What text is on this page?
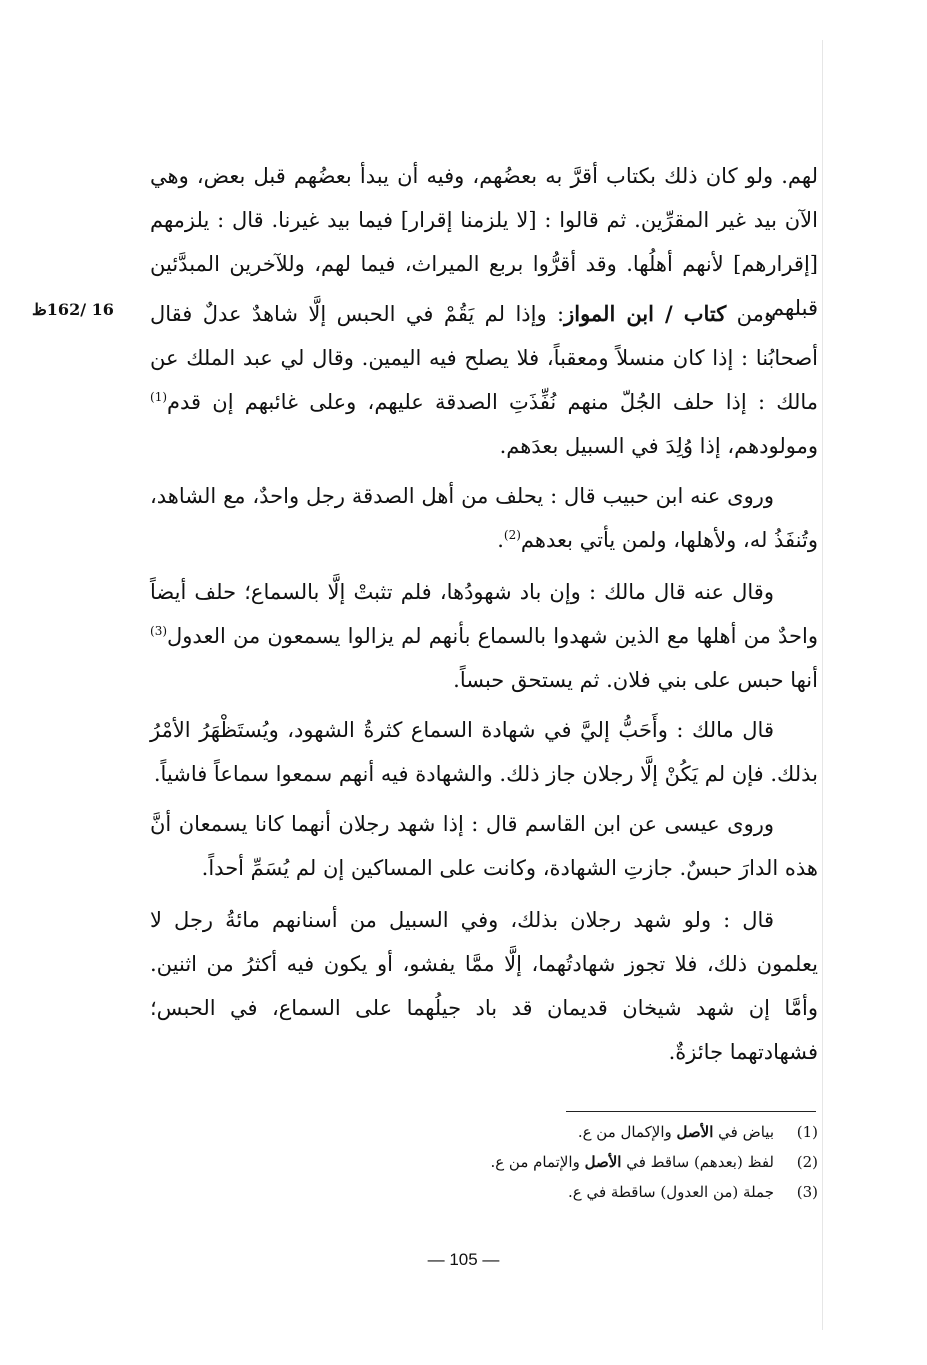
لهم. ولو كان ذلك بكتاب أقرَّ به بعضُهم، وفيه أن يبدأ بعضُهم قبل بعض، وهي الآن بيد غير المقرِّين. ثم قالوا : [لا يلزمنا إقرار] فيما بيد غيرنا. قال : يلزمهم [إقرارهم] لأنهم أهلُها. وقد أقرُّوا بربع الميراث، فيما لهم، وللآخرين المبدَّئين قبلهم.

16 /162ظ	ومن كتاب / ابن المواز: وإذا لم يَقُمْ في الحبس إلَّا شاهدٌ عدلٌ فقال أصحابُنا : إذا كان منسلاً ومعقباً، فلا يصلح فيه اليمين. وقال لي عبد الملك عن مالك : إذا حلف الجُلّ منهم نُفِّذَتِ الصدقة عليهم، وعلى غائبهم إن قدم$^{(1)}$ ومولودهم، إذا وُلِدَ في السبيل بعدَهم.

وروى عنه ابن حبيب قال : يحلف من أهل الصدقة رجل واحدٌ، مع الشاهد، وتُنفَذُ له، ولأهلها، ولمن يأتي بعدهم$^{(2)}$.

وقال عنه قال مالك : وإن باد شهودُها، فلم تثبتْ إلَّا بالسماع؛ حلف أيضاً واحدٌ من أهلها مع الذين شهدوا بالسماع بأنهم لم يزالوا يسمعون من العدول$^{(3)}$ أنها حبس على بني فلان. ثم يستحق حبساً.

قال مالك : وأَحَبُّ إليَّ في شهادة السماع كثرةُ الشهود، ويُستَظْهَرُ الأمْرُ بذلك. فإن لم يَكُنْ إلَّا رجلان جاز ذلك. والشهادة فيه أنهم سمعوا سماعاً فاشياً.

وروى عيسى عن ابن القاسم قال : إذا شهد رجلان أنهما كانا يسمعان أنَّ هذه الدارَ حبسٌ. جازتِ الشهادة، وكانت على المساكين إن لم يُسَمِّ أحداً.

قال : ولو شهد رجلان بذلك، وفي السبيل من أسنانهم مائةُ رجل لا يعلمون ذلك، فلا تجوز شهادتُهما، إلَّا ممَّا يفشو، أو يكون فيه أكثرُ من اثنين. وأمَّا إن شهد شيخان قديمان قد باد جيلُهما على السماع، في الحبس؛ فشهادتهما جائزةٌ.

(1)بياض في الأصل والإكمال من ع.
(2)لفظ (بعدهم) ساقط في الأصل والإتمام من ع.
(3)جملة (من العدول) ساقطة في ع.
— 105 —
